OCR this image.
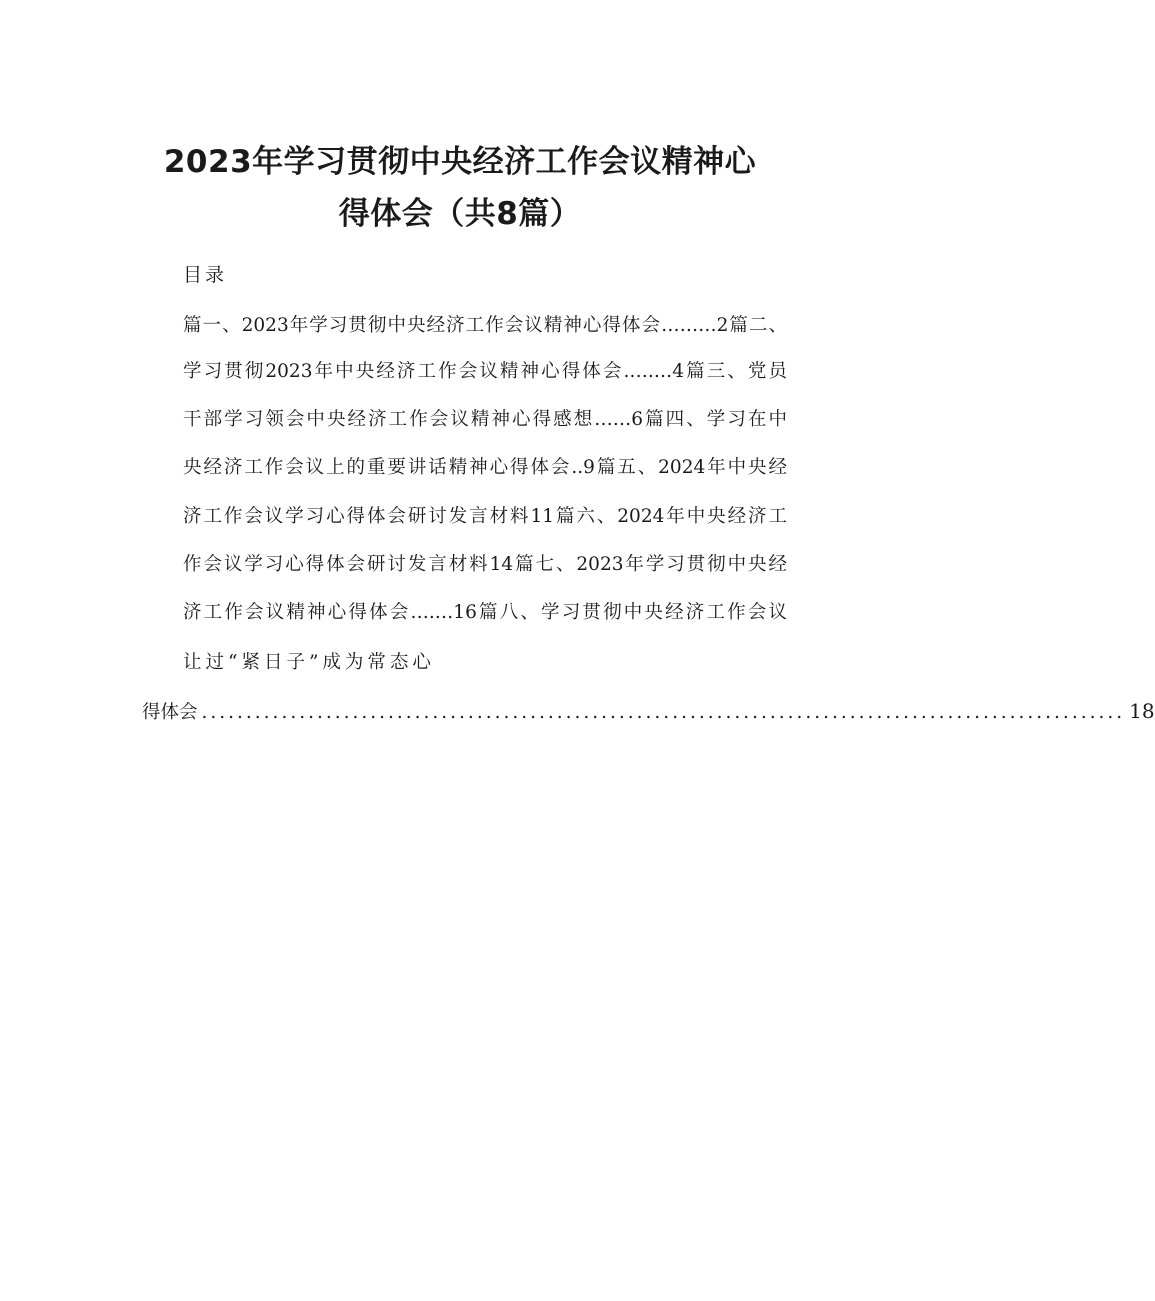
2023年学习贯彻中央经济工作会议精神心
得体会（共8篇）
目录
篇一、2023年学习贯彻中央经济工作会议精神心得体会………2篇二、
学习贯彻2023年中央经济工作会议精神心得体会.….…4篇三、党员
干部学习领会中央经济工作会议精神心得感想……6篇四、学习在中
央经济工作会议上的重要讲话精神心得体会..9篇五、2024年中央经
济工作会议学习心得体会研讨发言材料11篇六、2024年中央经济工
作会议学习心得体会研讨发言材料14篇七、2023年学习贯彻中央经
济工作会议精神心得体会….…16篇八、学习贯彻中央经济工作会议
让过“紧日子”成为常态心
得体会 ........................................................................................................ 18
